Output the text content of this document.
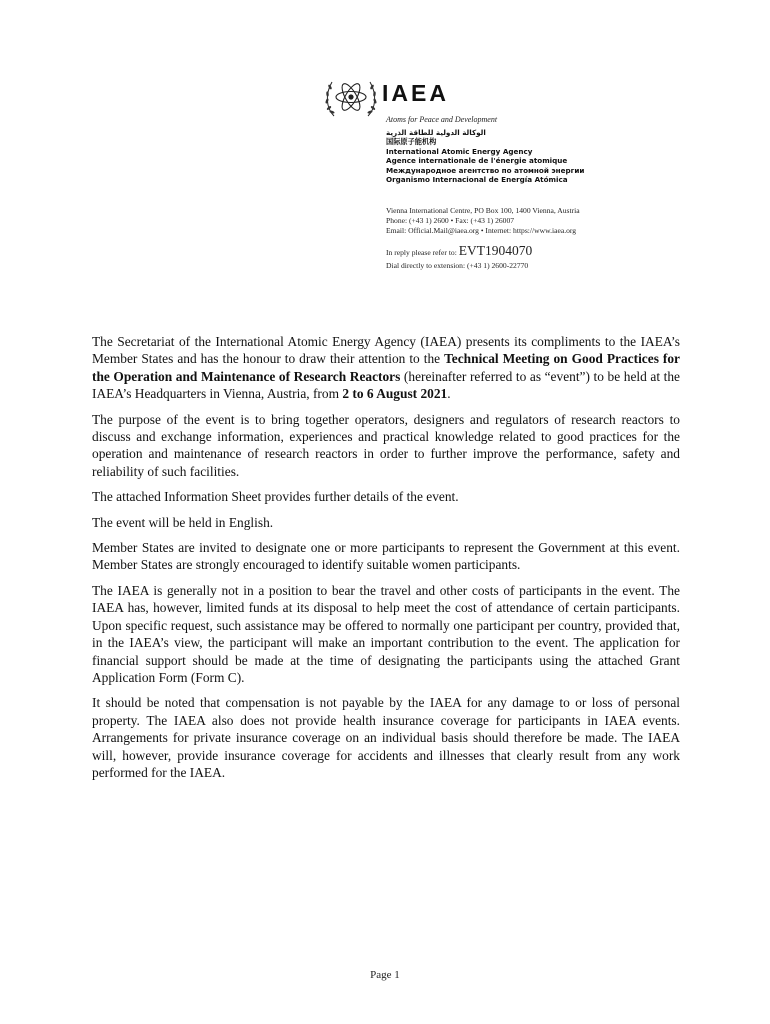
IAEA
Atoms for Peace and Development
الوكالة الدولية للطاقة الذرية
国际原子能机构
International Atomic Energy Agency
Agence internationale de l'énergie atomique
Международное агентство по атомной энергии
Organismo Internacional de Energía Atómica
Vienna International Centre, PO Box 100, 1400 Vienna, Austria
Phone: (+43 1) 2600 • Fax: (+43 1) 26007
Email: Official.Mail@iaea.org • Internet: https://www.iaea.org
In reply please refer to: EVT1904070
Dial directly to extension: (+43 1) 2600-22770

The Secretariat of the International Atomic Energy Agency (IAEA) presents its compliments to the IAEA’s Member States and has the honour to draw their attention to the Technical Meeting on Good Practices for the Operation and Maintenance of Research Reactors (hereinafter referred to as “event”) to be held at the IAEA’s Headquarters in Vienna, Austria, from 2 to 6 August 2021.

The purpose of the event is to bring together operators, designers and regulators of research reactors to discuss and exchange information, experiences and practical knowledge related to good practices for the operation and maintenance of research reactors in order to further improve the performance, safety and reliability of such facilities.

The attached Information Sheet provides further details of the event.

The event will be held in English.

Member States are invited to designate one or more participants to represent the Government at this event. Member States are strongly encouraged to identify suitable women participants.

The IAEA is generally not in a position to bear the travel and other costs of participants in the event. The IAEA has, however, limited funds at its disposal to help meet the cost of attendance of certain participants. Upon specific request, such assistance may be offered to normally one participant per country, provided that, in the IAEA’s view, the participant will make an important contribution to the event. The application for financial support should be made at the time of designating the participants using the attached Grant Application Form (Form C).

It should be noted that compensation is not payable by the IAEA for any damage to or loss of personal property. The IAEA also does not provide health insurance coverage for participants in IAEA events. Arrangements for private insurance coverage on an individual basis should therefore be made. The IAEA will, however, provide insurance coverage for accidents and illnesses that clearly result from any work performed for the IAEA.

Page 1
